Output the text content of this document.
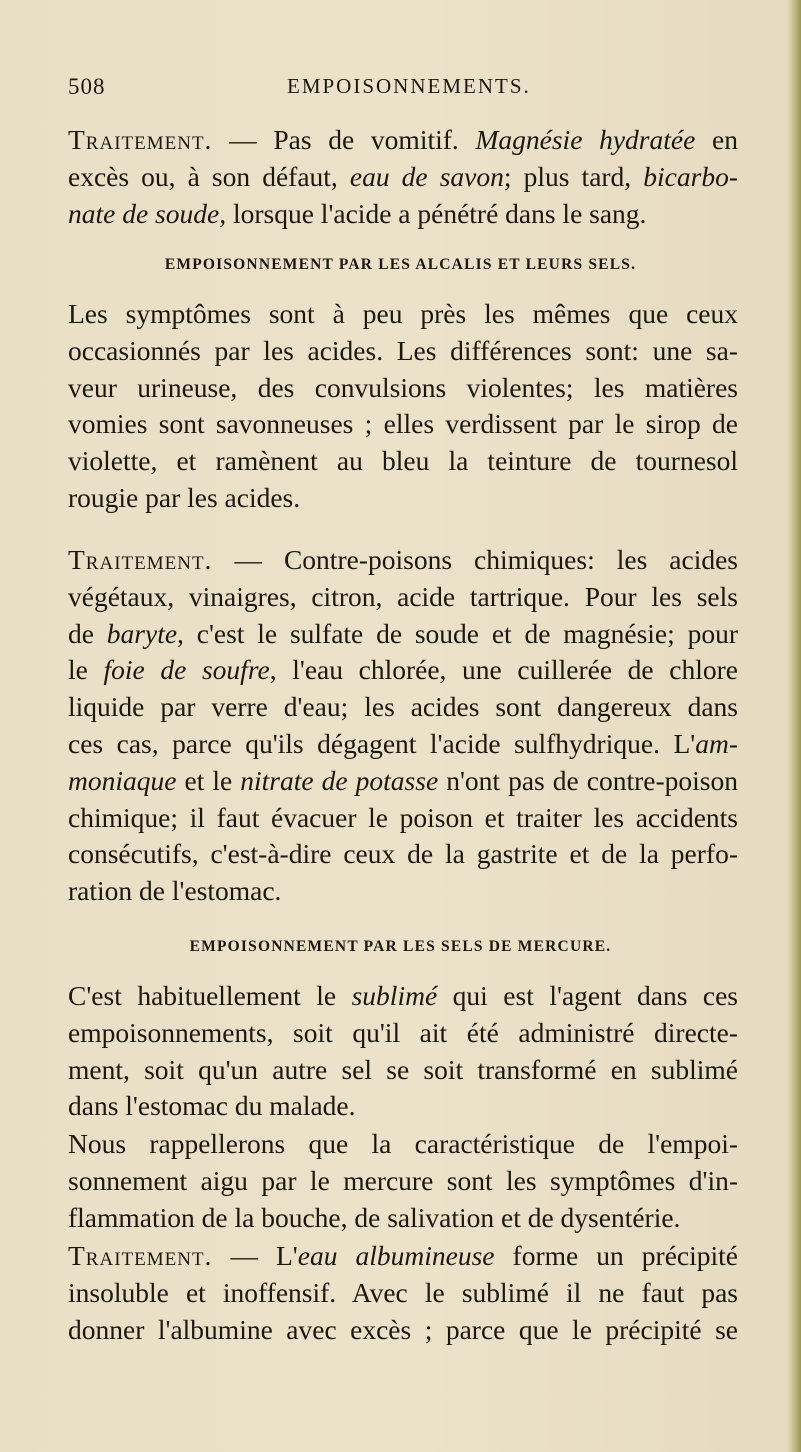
508	EMPOISONNEMENTS.

Traitement. — Pas de vomitif. Magnésie hydratée en
excès ou, à son défaut, eau de savon; plus tard, bicarbo-
nate de soude, lorsque l'acide a pénétré dans le sang.

EMPOISONNEMENT PAR LES ALCALIS ET LEURS SELS.

Les symptômes sont à peu près les mêmes que ceux
occasionnés par les acides. Les différences sont: une sa-
veur urineuse, des convulsions violentes; les matières
vomies sont savonneuses ; elles verdissent par le sirop de
violette, et ramènent au bleu la teinture de tournesol
rougie par les acides.

Traitement. — Contre-poisons chimiques: les acides
végétaux, vinaigres, citron, acide tartrique. Pour les sels
de baryte, c'est le sulfate de soude et de magnésie; pour
le foie de soufre, l'eau chlorée, une cuillerée de chlore
liquide par verre d'eau; les acides sont dangereux dans
ces cas, parce qu'ils dégagent l'acide sulfhydrique. L'am-
moniaque et le nitrate de potasse n'ont pas de contre-poison
chimique; il faut évacuer le poison et traiter les accidents
consécutifs, c'est-à-dire ceux de la gastrite et de la perfo-
ration de l'estomac.

EMPOISONNEMENT PAR LES SELS DE MERCURE.

C'est habituellement le sublimé qui est l'agent dans ces
empoisonnements, soit qu'il ait été administré directe-
ment, soit qu'un autre sel se soit transformé en sublimé
dans l'estomac du malade.

Nous rappellerons que la caractéristique de l'empoi-
sonnement aigu par le mercure sont les symptômes d'in-
flammation de la bouche, de salivation et de dysentérie.

Traitement. — L'eau albumineuse forme un précipité
insoluble et inoffensif. Avec le sublimé il ne faut pas
donner l'albumine avec excès ; parce que le précipité se
